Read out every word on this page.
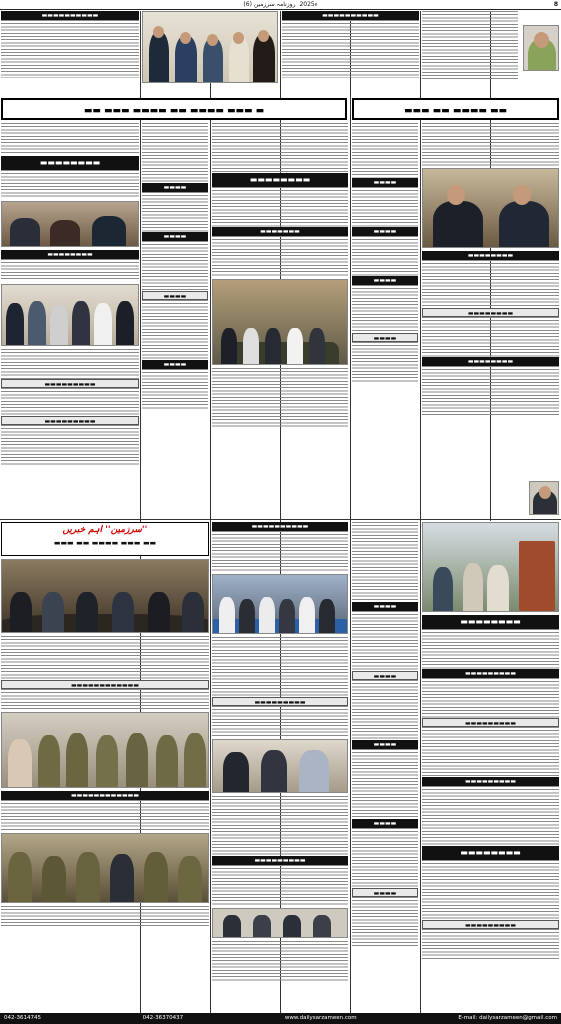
روزنامہ سرزمین (6) 2025ء	8
▬▬▬▬▬▬▬▬▬▬	▬▬▬▬▬▬▬▬▬▬
▬ ▬▬▬ ▬▬▬▬ ▬▬ ▬▬▬▬ ▬▬▬ ▬▬	▬▬ ▬▬▬▬ ▬▬ ▬▬▬
▬▬▬▬▬▬▬▬
▬▬▬▬▬▬▬▬
▬▬▬▬▬▬▬▬▬
▬▬▬▬▬▬▬▬▬
▬▬▬▬
▬▬▬▬
▬▬▬▬
▬▬▬▬
▬▬▬▬▬▬▬▬
▬▬▬▬▬▬▬
▬▬▬▬
▬▬▬▬
▬▬▬▬
▬▬▬▬
▬▬▬▬▬▬▬▬
▬▬▬▬▬▬▬▬
▬▬▬▬▬▬▬▬
''سرزمین'' اہم خبریں
▬▬ ▬▬▬ ▬▬▬▬ ▬▬ ▬▬▬
▬▬▬▬▬▬▬▬▬▬▬▬
▬▬▬▬▬▬▬▬▬▬▬▬
▬▬▬▬▬▬▬▬▬▬
▬▬▬▬▬▬▬▬▬
▬▬▬▬▬▬▬▬▬
▬▬▬▬
▬▬▬▬
▬▬▬▬
▬▬▬▬
▬▬▬▬
▬▬▬▬▬▬▬▬
▬▬▬▬▬▬▬▬▬
▬▬▬▬▬▬▬▬▬
▬▬▬▬▬▬▬▬▬
▬▬▬▬▬▬▬▬
▬▬▬▬▬▬▬▬▬
042-3614745	042-36370437	www.dailysarzameen.com	E-mail: dailysarzameen@gmail.com
